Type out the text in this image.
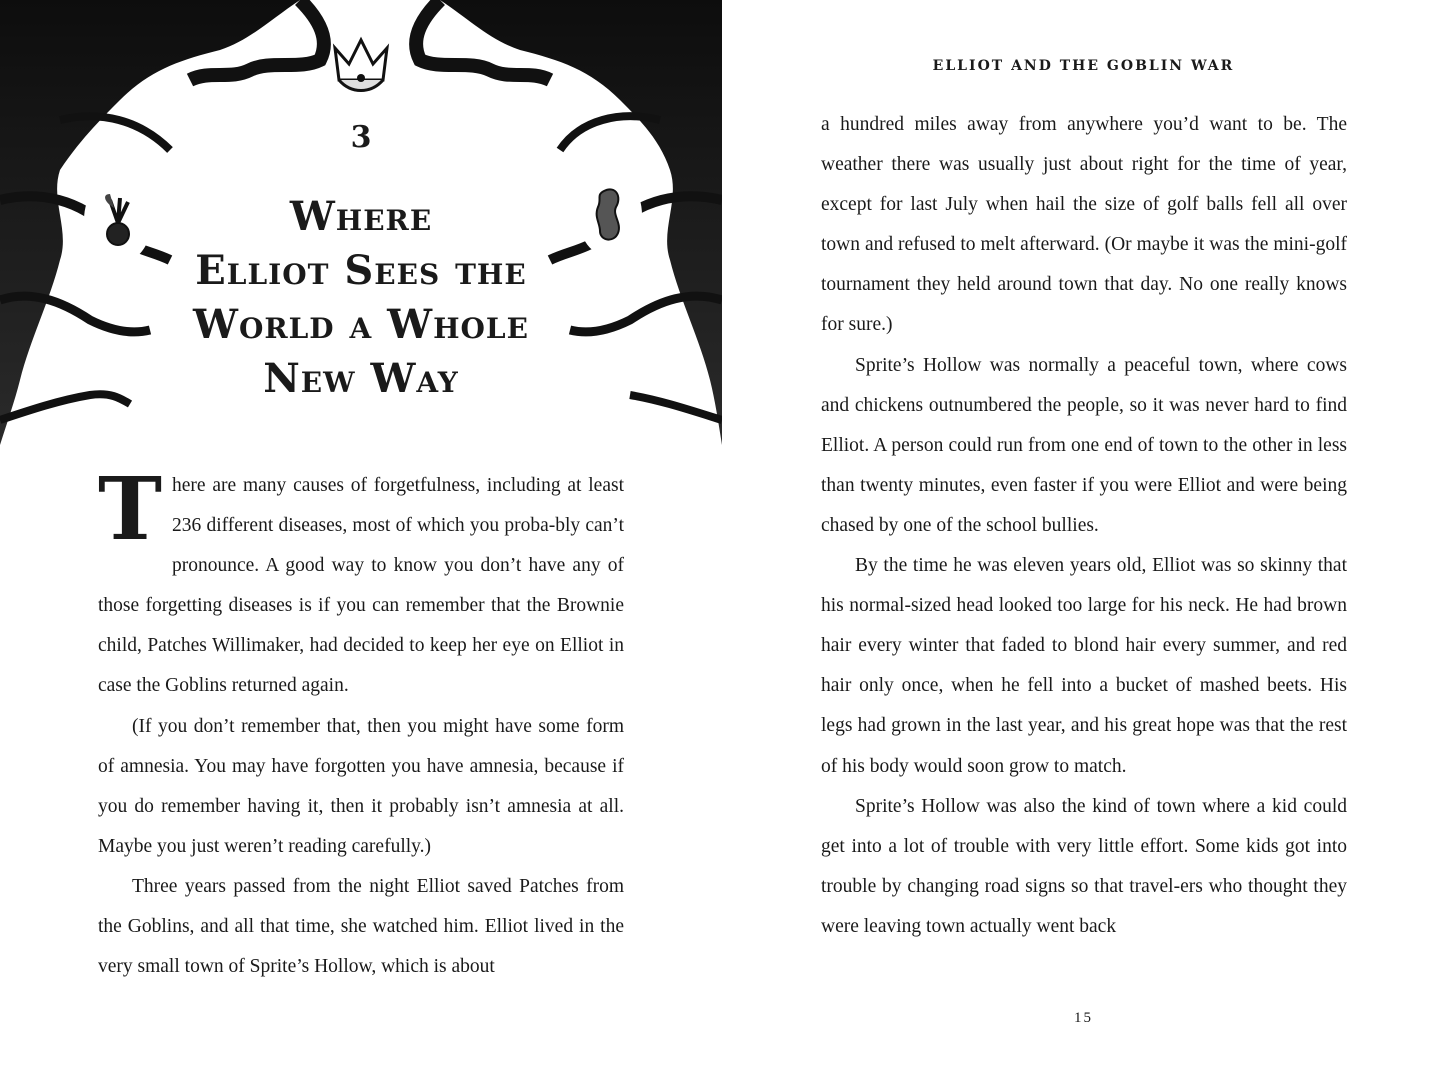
3
Where
Elliot Sees the
World a Whole
New Way

There are many causes of forgetfulness, including at least 236 different diseases, most of which you proba-bly can’t pronounce. A good way to know you don’t have any of those forgetting diseases is if you can remember that the Brownie child, Patches Willimaker, had decided to keep her eye on Elliot in case the Goblins returned again.

(If you don’t remember that, then you might have some form of amnesia. You may have forgotten you have amnesia, because if you do remember having it, then it probably isn’t amnesia at all. Maybe you just weren’t reading carefully.)

Three years passed from the night Elliot saved Patches from the Goblins, and all that time, she watched him. Elliot lived in the very small town of Sprite’s Hollow, which is about

ELLIOT AND THE GOBLIN WAR

a hundred miles away from anywhere you’d want to be. The weather there was usually just about right for the time of year, except for last July when hail the size of golf balls fell all over town and refused to melt afterward. (Or maybe it was the mini-golf tournament they held around town that day. No one really knows for sure.)

Sprite’s Hollow was normally a peaceful town, where cows and chickens outnumbered the people, so it was never hard to find Elliot. A person could run from one end of town to the other in less than twenty minutes, even faster if you were Elliot and were being chased by one of the school bullies.

By the time he was eleven years old, Elliot was so skinny that his normal-sized head looked too large for his neck. He had brown hair every winter that faded to blond hair every summer, and red hair only once, when he fell into a bucket of mashed beets. His legs had grown in the last year, and his great hope was that the rest of his body would soon grow to match.

Sprite’s Hollow was also the kind of town where a kid could get into a lot of trouble with very little effort. Some kids got into trouble by changing road signs so that travel-ers who thought they were leaving town actually went back

15
